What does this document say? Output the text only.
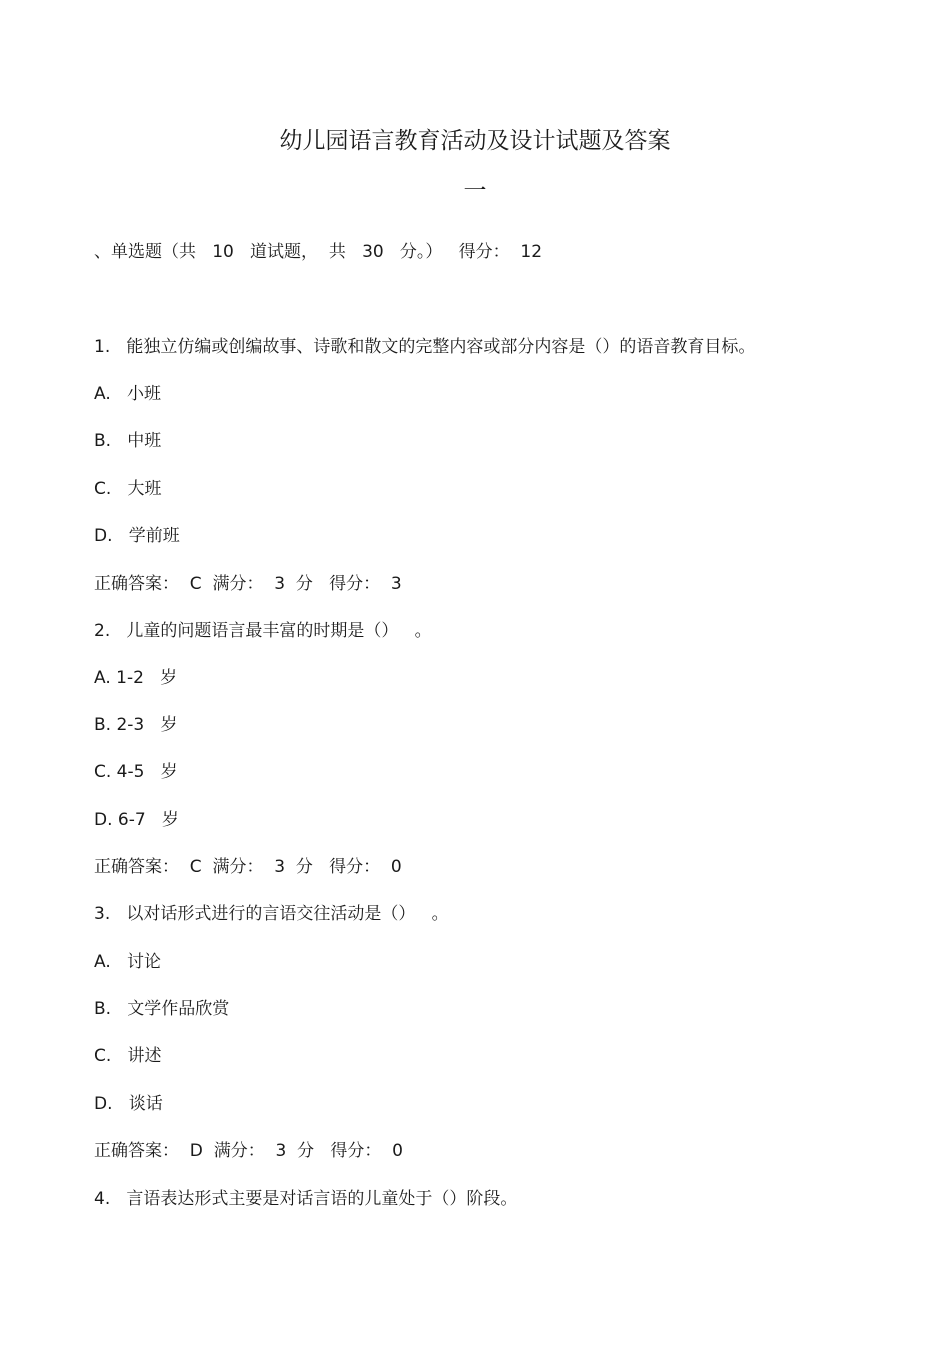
幼儿园语言教育活动及设计试题及答案
一
、单选题（共   10   道试题，  共   30   分。）   得分：  12
1.   能独立仿编或创编故事、诗歌和散文的完整内容或部分内容是（）的语音教育目标。
A.   小班
B.   中班
C.   大班
D.   学前班
正确答案：  C  满分：  3  分   得分：  3
2.   儿童的问题语言最丰富的时期是（）   。
A. 1-2   岁
B. 2-3   岁
C. 4-5   岁
D. 6-7   岁
正确答案：  C  满分：  3  分   得分：  0
3.   以对话形式进行的言语交往活动是（）   。
A.   讨论
B.   文学作品欣赏
C.   讲述
D.   谈话
正确答案：  D  满分：  3  分   得分：  0
4.   言语表达形式主要是对话言语的儿童处于（）阶段。
